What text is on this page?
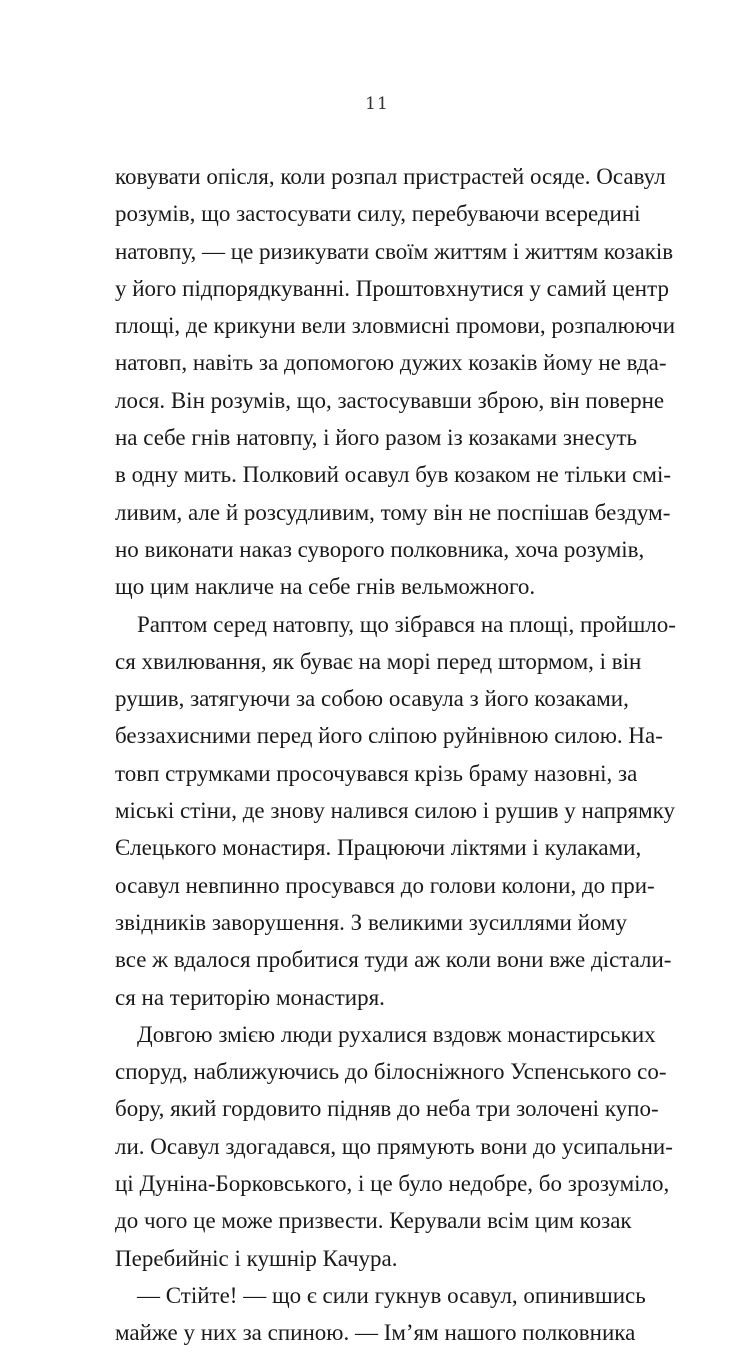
11
ковувати опісля, коли розпал пристрастей осяде. Осавул
розумів, що застосувати силу, перебуваючи всередині
натовпу, — це ризикувати своїм життям і життям козаків
у його підпорядкуванні. Проштовхнутися у самий центр
площі, де крикуни вели зловмисні промови, розпалюючи
натовп, навіть за допомогою дужих козаків йому не вда-
лося. Він розумів, що, застосувавши зброю, він поверне
на себе гнів натовпу, і його разом із козаками знесуть
в одну мить. Полковий осавул був козаком не тільки смі-
ливим, але й розсудливим, тому він не поспішав бездум-
но виконати наказ суворого полковника, хоча розумів,
що цим накличе на себе гнів вельможного.
Раптом серед натовпу, що зібрався на площі, пройшло-
ся хвилювання, як буває на морі перед штормом, і він
рушив, затягуючи за собою осавула з його козаками,
беззахисними перед його сліпою руйнівною силою. На-
товп струмками просочувався крізь браму назовні, за
міські стіни, де знову налився силою і рушив у напрямку
Єлецького монастиря. Працюючи ліктями і кулаками,
осавул невпинно просувався до голови колони, до при-
звідників заворушення. З великими зусиллями йому
все ж вдалося пробитися туди аж коли вони вже дістали-
ся на територію монастиря.
Довгою змією люди рухалися вздовж монастирських
споруд, наближуючись до білосніжного Успенського со-
бору, який гордовито підняв до неба три золочені купо-
ли. Осавул здогадався, що прямують вони до усипальни-
ці Дуніна-Борковського, і це було недобре, бо зрозуміло,
до чого це може призвести. Керували всім цим козак
Перебийніс і кушнір Качура.
— Стійте! — що є сили гукнув осавул, опинившись
майже у них за спиною. — Ім’ям нашого полковника
